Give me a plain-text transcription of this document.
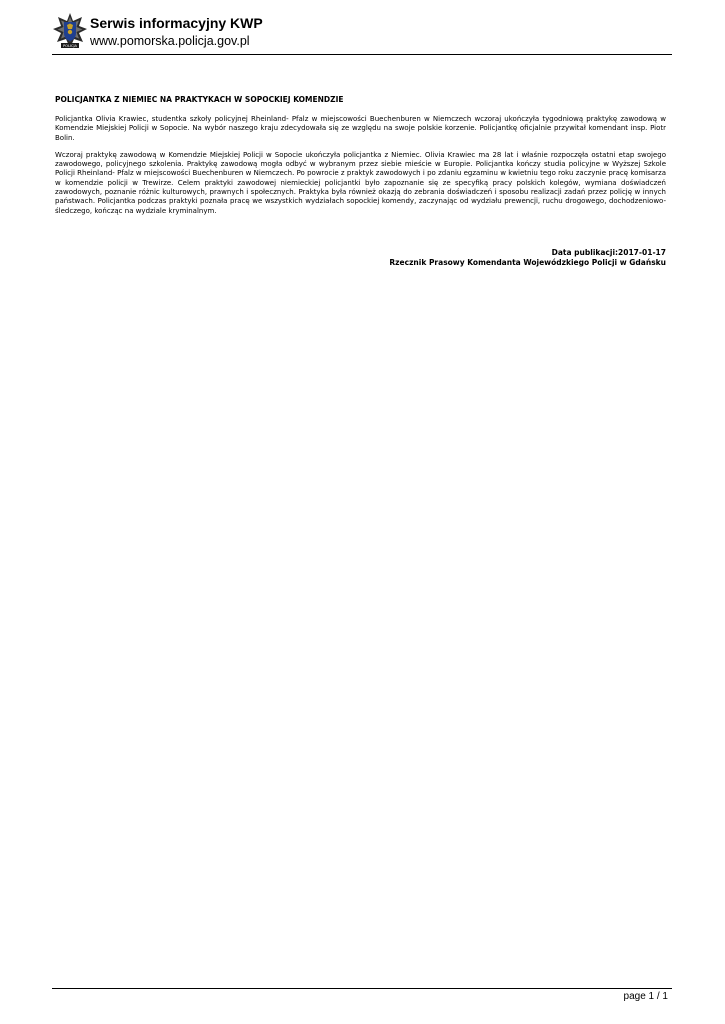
POLICJA
Serwis informacyjny KWP
www.pomorska.policja.gov.pl
POLICJANTKA Z NIEMIEC NA PRAKTYKACH W SOPOCKIEJ KOMENDZIE

Policjantka Olivia Krawiec, studentka szkoły policyjnej Rheinland- Pfalz w miejscowości Buechenburen w Niemczech wczoraj ukończyła tygodniową praktykę zawodową w Komendzie Miejskiej Policji w Sopocie. Na wybór naszego kraju zdecydowała się ze względu na swoje polskie korzenie. Policjantkę oficjalnie przywitał komendant insp. Piotr Bolin.

Wczoraj praktykę zawodową w Komendzie Miejskiej Policji w Sopocie ukończyła policjantka z Niemiec. Olivia Krawiec ma 28 lat i właśnie rozpoczęła ostatni etap swojego zawodowego, policyjnego szkolenia. Praktykę zawodową mogła odbyć w wybranym przez siebie mieście w Europie. Policjantka kończy studia policyjne w Wyższej Szkole Policji Rheinland- Pfalz w miejscowości Buechenburen w Niemczech. Po powrocie z praktyk zawodowych i po zdaniu egzaminu w kwietniu tego roku zaczynie pracę komisarza w komendzie policji w Trewirze. Celem praktyki zawodowej niemieckiej policjantki było zapoznanie się ze specyfiką pracy polskich kolegów, wymiana doświadczeń zawodowych, poznanie różnic kulturowych, prawnych i społecznych. Praktyka była również okazją do zebrania doświadczeń i sposobu realizacji zadań przez policję w innych państwach. Policjantka podczas praktyki poznała pracę we wszystkich wydziałach sopockiej komendy, zaczynając od wydziału prewencji, ruchu drogowego, dochodzeniowo-śledczego, kończąc na wydziale kryminalnym.

Data publikacji:2017-01-17
Rzecznik Prasowy Komendanta Wojewódzkiego Policji w Gdańsku
page 1 / 1
